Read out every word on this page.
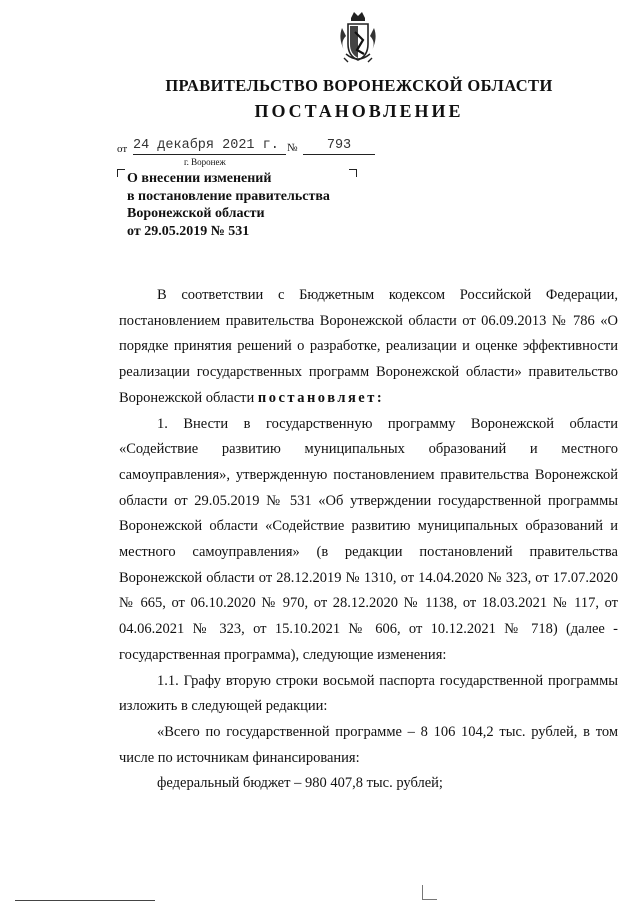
ПРАВИТЕЛЬСТВО ВОРОНЕЖСКОЙ ОБЛАСТИ
ПОСТАНОВЛЕНИЕ
от 24 декабря 2021 г. №	793
г. Воронеж
О внесении изменений
в постановление правительства
Воронежской области
от 29.05.2019 № 531

В соответствии с Бюджетным кодексом Российской Федерации, постановлением правительства Воронежской области от 06.09.2013 № 786 «О порядке принятия решений о разработке, реализации и оценке эффективности реализации государственных программ Воронежской области» правительство Воронежской области постановляет:

1. Внести в государственную программу Воронежской области «Содействие развитию муниципальных образований и местного самоуправления», утвержденную постановлением правительства Воронежской области от 29.05.2019 № 531 «Об утверждении государственной программы Воронежской области «Содействие развитию муниципальных образований и местного самоуправления» (в редакции постановлений правительства Воронежской области от 28.12.2019 № 1310, от 14.04.2020 № 323, от 17.07.2020 № 665, от 06.10.2020 № 970, от 28.12.2020 № 1138, от 18.03.2021 № 117, от 04.06.2021 № 323, от 15.10.2021 № 606, от 10.12.2021 № 718) (далее - государственная программа), следующие изменения:

1.1. Графу вторую строки восьмой паспорта государственной программы изложить в следующей редакции:

«Всего по государственной программе – 8 106 104,2 тыс. рублей, в том числе по источникам финансирования:

федеральный бюджет – 980 407,8 тыс. рублей;
